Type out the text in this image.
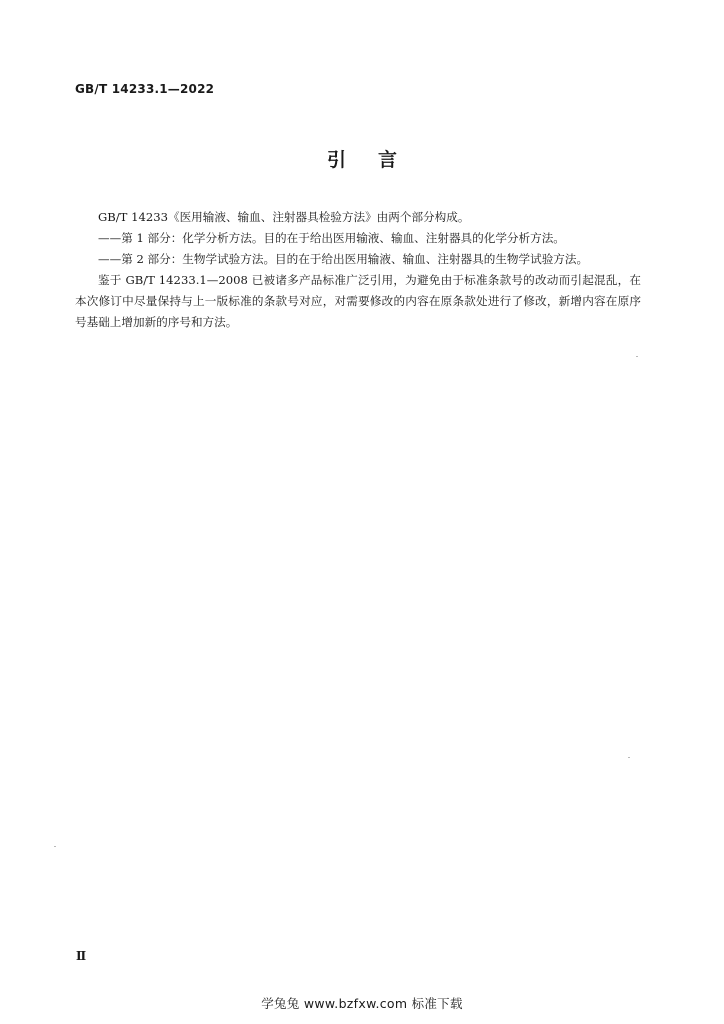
GB/T 14233.1—2022
引言

GB/T 14233《医用输液、输血、注射器具检验方法》由两个部分构成。

——第 1 部分：化学分析方法。目的在于给出医用输液、输血、注射器具的化学分析方法。

——第 2 部分：生物学试验方法。目的在于给出医用输液、输血、注射器具的生物学试验方法。

鉴于 GB/T 14233.1—2008 已被诸多产品标准广泛引用，为避免由于标准条款号的改动而引起混乱，在本次修订中尽量保持与上一版标准的条款号对应，对需要修改的内容在原条款处进行了修改，新增内容在原序号基础上增加新的序号和方法。

Ⅱ
学兔兔 www.bzfxw.com 标准下载
